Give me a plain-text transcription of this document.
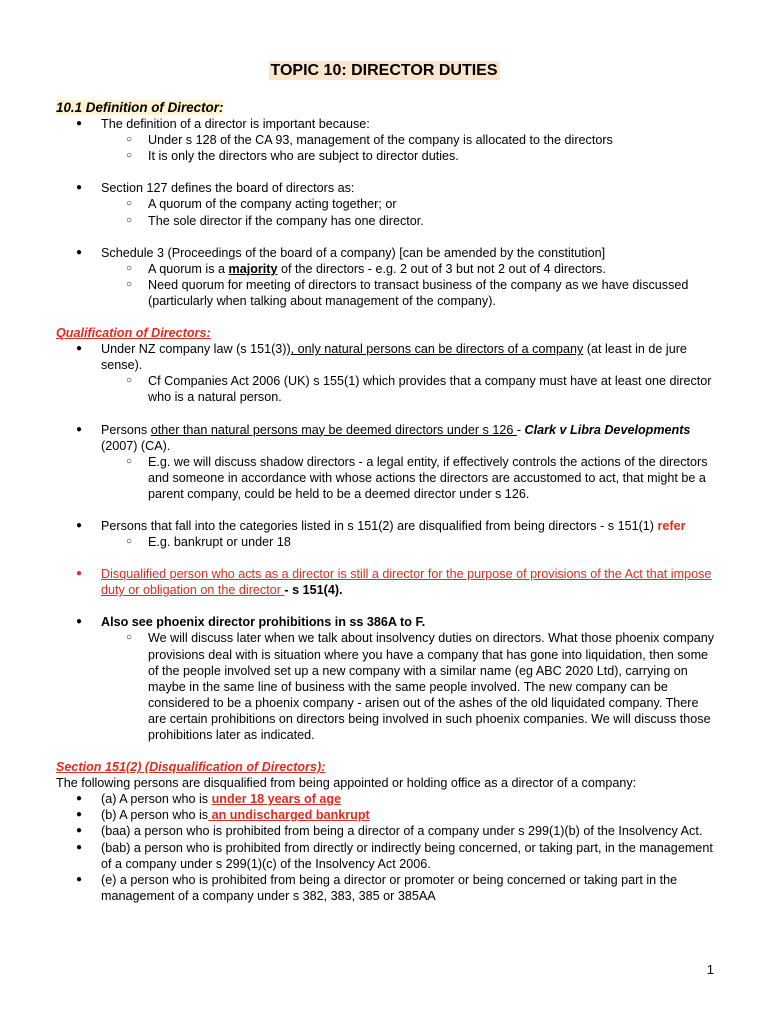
TOPIC 10: DIRECTOR DUTIES
10.1 Definition of Director:
● The definition of a director is important because:
○ Under s 128 of the CA 93, management of the company is allocated to the directors
○ It is only the directors who are subject to director duties.
● Section 127 defines the board of directors as:
○ A quorum of the company acting together; or
○ The sole director if the company has one director.
● Schedule 3 (Proceedings of the board of a company) [can be amended by the constitution]
○ A quorum is a majority of the directors - e.g. 2 out of 3 but not 2 out of 4 directors.
○ Need quorum for meeting of directors to transact business of the company as we have discussed (particularly when talking about management of the company).
Qualification of Directors:
● Under NZ company law (s 151(3)), only natural persons can be directors of a company (at least in de jure sense).
○ Cf Companies Act 2006 (UK) s 155(1) which provides that a company must have at least one director who is a natural person.
● Persons other than natural persons may be deemed directors under s 126 - Clark v Libra Developments (2007) (CA).
○ E.g. we will discuss shadow directors - a legal entity, if effectively controls the actions of the directors and someone in accordance with whose actions the directors are accustomed to act, that might be a parent company, could be held to be a deemed director under s 126.
● Persons that fall into the categories listed in s 151(2) are disqualified from being directors - s 151(1) refer
○ E.g. bankrupt or under 18
● Disqualified person who acts as a director is still a director for the purpose of provisions of the Act that impose duty or obligation on the director - s 151(4).
● Also see phoenix director prohibitions in ss 386A to F.
○ We will discuss later when we talk about insolvency duties on directors. What those phoenix company provisions deal with is situation where you have a company that has gone into liquidation, then some of the people involved set up a new company with a similar name (eg ABC 2020 Ltd), carrying on maybe in the same line of business with the same people involved. The new company can be considered to be a phoenix company - arisen out of the ashes of the old liquidated company. There are certain prohibitions on directors being involved in such phoenix companies. We will discuss those prohibitions later as indicated.
Section 151(2) (Disqualification of Directors):
The following persons are disqualified from being appointed or holding office as a director of a company:
● (a) A person who is under 18 years of age
● (b) A person who is an undischarged bankrupt
● (baa) a person who is prohibited from being a director of a company under s 299(1)(b) of the Insolvency Act.
● (bab) a person who is prohibited from directly or indirectly being concerned, or taking part, in the management of a company under s 299(1)(c) of the Insolvency Act 2006.
● (e) a person who is prohibited from being a director or promoter or being concerned or taking part in the management of a company under s 382, 383, 385 or 385AA
1
